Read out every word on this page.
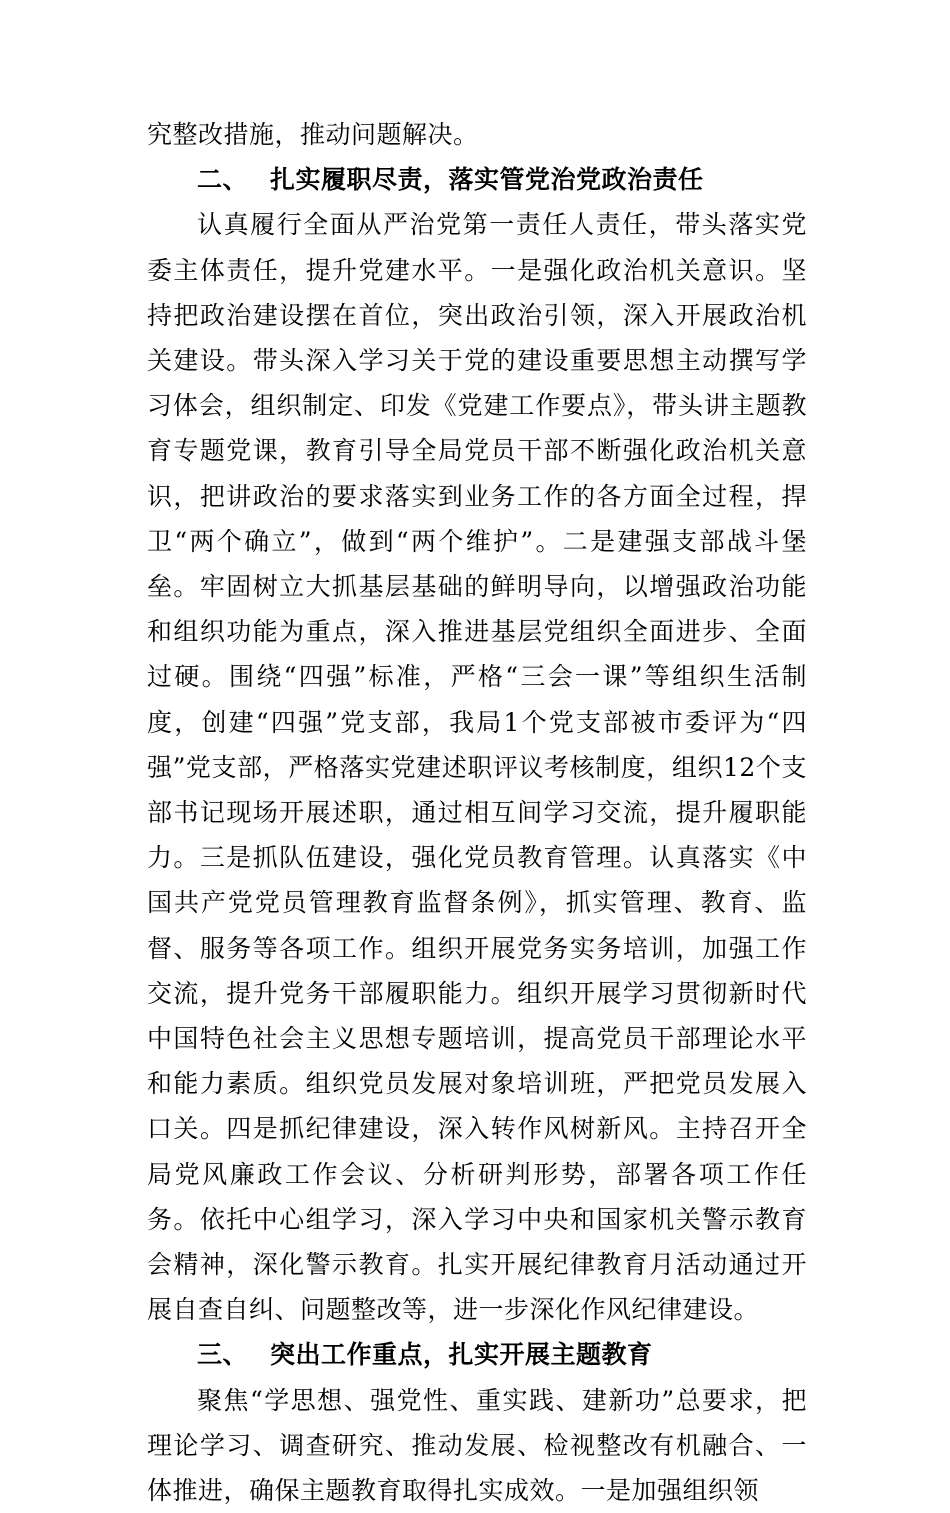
究整改措施，推动问题解决。

二、 扎实履职尽责，落实管党治党政治责任

认真履行全面从严治党第一责任人责任，带头落实党委主体责任，提升党建水平。一是强化政治机关意识。坚持把政治建设摆在首位，突出政治引领，深入开展政治机关建设。带头深入学习关于党的建设重要思想主动撰写学习体会，组织制定、印发《党建工作要点》，带头讲主题教育专题党课，教育引导全局党员干部不断强化政治机关意识，把讲政治的要求落实到业务工作的各方面全过程，捍卫“两个确立”，做到“两个维护”。二是建强支部战斗堡垒。牢固树立大抓基层基础的鲜明导向，以增强政治功能和组织功能为重点，深入推进基层党组织全面进步、全面过硬。围绕“四强”标准，严格“三会一课”等组织生活制度，创建“四强”党支部，我局1个党支部被市委评为“四强”党支部，严格落实党建述职评议考核制度，组织12个支部书记现场开展述职，通过相互间学习交流，提升履职能力。三是抓队伍建设，强化党员教育管理。认真落实《中国共产党党员管理教育监督条例》，抓实管理、教育、监督、服务等各项工作。组织开展党务实务培训，加强工作交流，提升党务干部履职能力。组织开展学习贯彻新时代中国特色社会主义思想专题培训，提高党员干部理论水平和能力素质。组织党员发展对象培训班，严把党员发展入口关。四是抓纪律建设，深入转作风树新风。主持召开全局党风廉政工作会议、分析研判形势，部署各项工作任务。依托中心组学习，深入学习中央和国家机关警示教育会精神，深化警示教育。扎实开展纪律教育月活动通过开展自查自纠、问题整改等，进一步深化作风纪律建设。

三、 突出工作重点，扎实开展主题教育

聚焦“学思想、强党性、重实践、建新功”总要求，把理论学习、调查研究、推动发展、检视整改有机融合、一体推进，确保主题教育取得扎实成效。一是加强组织领
